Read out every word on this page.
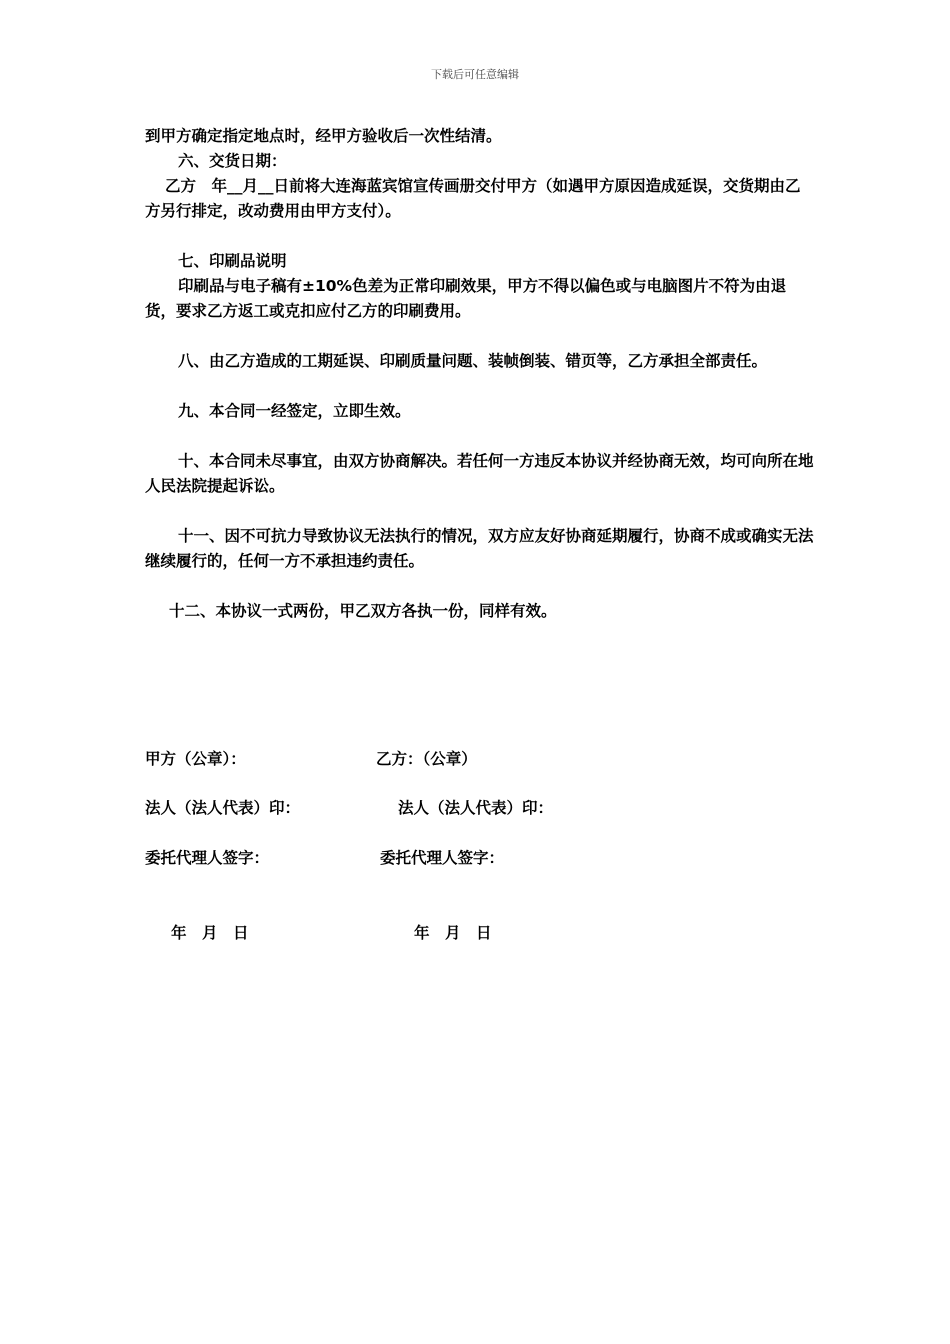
下载后可任意编辑

到甲方确定指定地点时，经甲方验收后一次性结清。

六、交货日期：

乙方　年__月__日前将大连海蓝宾馆宣传画册交付甲方（如遇甲方原因造成延误，交货期由乙方另行排定，改动费用由甲方支付）。

七、印刷品说明

印刷品与电子稿有±10%色差为正常印刷效果，甲方不得以偏色或与电脑图片不符为由退货，要求乙方返工或克扣应付乙方的印刷费用。

八、由乙方造成的工期延误、印刷质量问题、装帧倒装、错页等，乙方承担全部责任。

九、本合同一经签定，立即生效。

十、本合同未尽事宜，由双方协商解决。若任何一方违反本协议并经协商无效，均可向所在地人民法院提起诉讼。

十一、因不可抗力导致协议无法执行的情况，双方应友好协商延期履行，协商不成或确实无法继续履行的，任何一方不承担违约责任。

十二、本协议一式两份，甲乙双方各执一份，同样有效。

甲方（公章）：	乙方：（公章）
法人（法人代表）印：	法人（法人代表）印：
委托代理人签字：	委托代理人签字：
年　月　日	年　月　日
